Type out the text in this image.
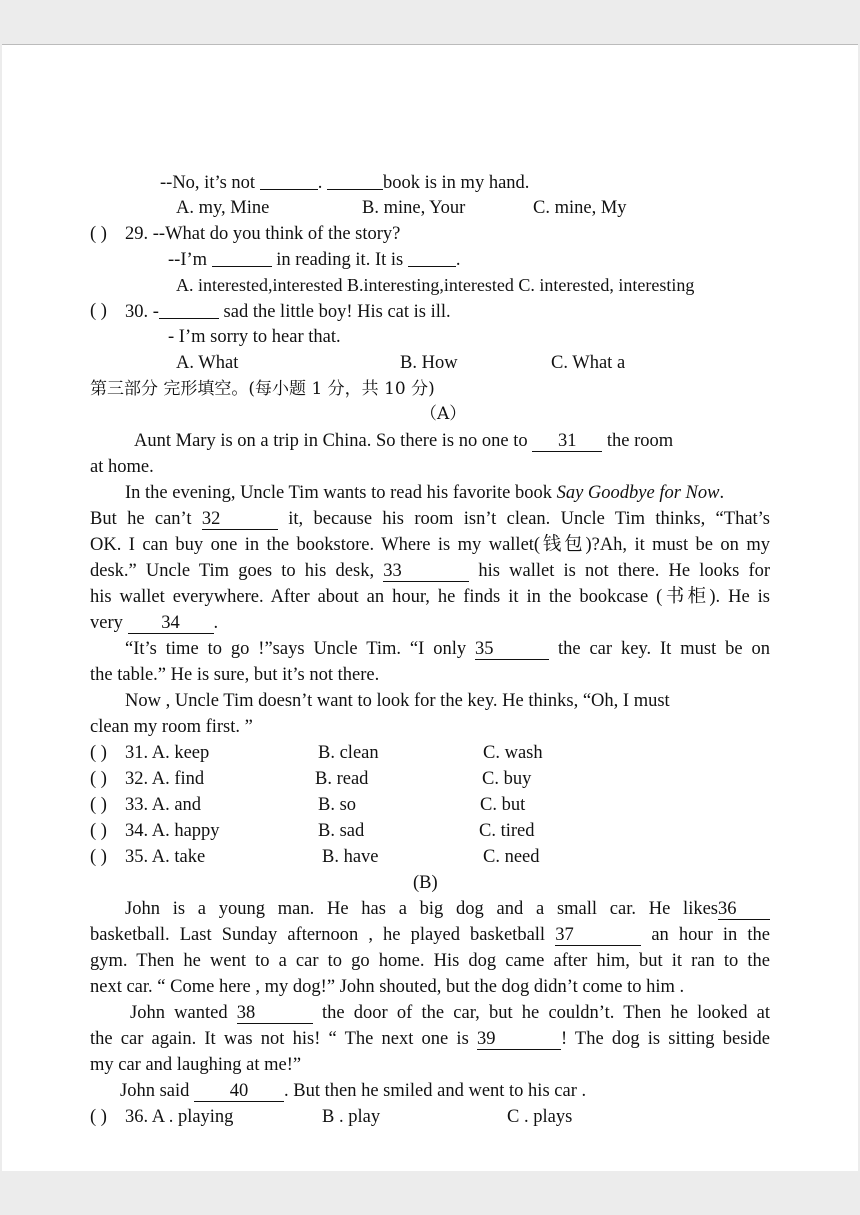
--No, it’s not	.	book is in my hand.
A. my, Mine	B. mine, Your	C. mine, My
( ) 29. --What do you think of the story?
--I’m	in reading it. It is	.
A. interested,interested B.interesting,interested C. interested, interesting
( ) 30. -	sad the little boy! His cat is ill.
- I’m sorry to hear that.
A. What	B. How	C. What a
第三部分 完形填空。(每小题 1 分，共 10 分)
（A）
Aunt Mary is on a trip in China. So there is no one to 31 the room
at home.
In the evening, Uncle Tim wants to read his favorite book Say Goodbye for Now.
But he can’t 32	it, because his room isn’t clean. Uncle Tim thinks, “That’s
OK. I can buy one in the bookstore. Where is my wallet(钱包)?Ah, it must be on my
desk.” Uncle Tim goes to his desk, 33	his wallet is not there. He looks for
his wallet everywhere. After about an hour, he finds it in the bookcase (书柜). He is
very 34 .
“It’s time to go !”says Uncle Tim. “I only 35	the car key. It must be on
the table.” He is sure, but it’s not there.
Now , Uncle Tim doesn’t want to look for the key. He thinks, “Oh, I must
clean my room first. ”
( ) 31. A. keep	B. clean	C. wash
( ) 32. A. find	B. read	C. buy
( ) 33. A. and	B. so	C. but
( ) 34. A. happy	B. sad	C. tired
( ) 35. A. take	B. have	C. need
(B)
John is a young man. He has a big dog and a small car. He likes36
basketball. Last Sunday afternoon , he played basketball 37	an hour in the
gym. Then he went to a car to go home. His dog came after him, but it ran to the
next car. “ Come here , my dog!” John shouted, but the dog didn’t come to him .
John wanted 38	the door of the car, but he couldn’t. Then he looked at
the car again. It was not his! “ The next one is 39	! The dog is sitting beside
my car and laughing at me!”
John said 40 . But then he smiled and went to his car .
( ) 36. A . playing	B . play	C . plays
